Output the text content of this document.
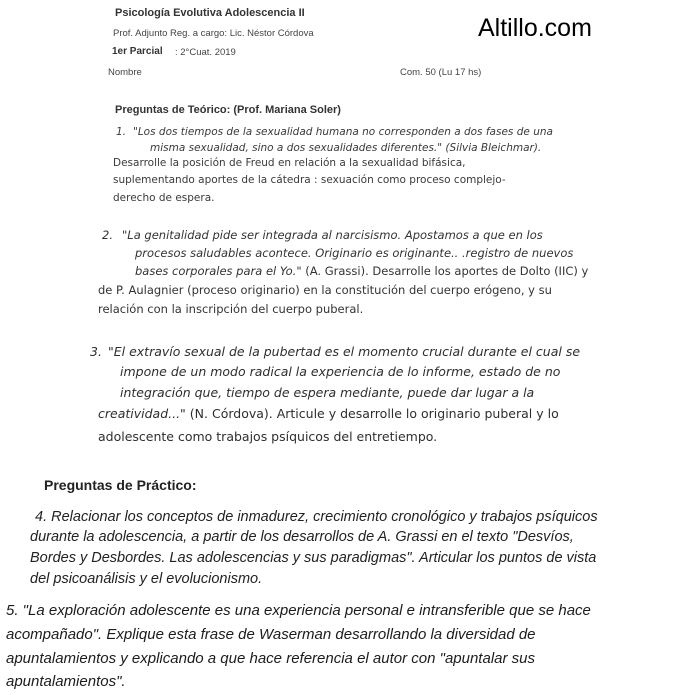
Altillo.com
Psicología Evolutiva Adolescencia II
Prof. Adjunto Reg. a cargo: Lic. Néstor Córdova
1er Parcial : 2°Cuat. 2019
Nombre	Com. 50 (Lu 17 hs)
Preguntas de Teórico: (Prof. Mariana Soler)
1. "Los dos tiempos de la sexualidad humana no corresponden a dos fases de una
misma sexualidad, sino a dos sexualidades diferentes." (Silvia Bleichmar).
Desarrolle la posición de Freud en relación a la sexualidad bifásica,
suplementando aportes de la cátedra : sexuación como proceso complejo-
derecho de espera.
2. "La genitalidad pide ser integrada al narcisismo. Apostamos a que en los
procesos saludables acontece. Originario es originante.. .registro de nuevos
bases corporales para el Yo." (A. Grassi). Desarrolle los aportes de Dolto (IIC) y
de P. Aulagnier (proceso originario) en la constitución del cuerpo erógeno, y su
relación con la inscripción del cuerpo puberal.
3. "El extravío sexual de la pubertad es el momento crucial durante el cual se
impone de un modo radical la experiencia de lo informe, estado de no
integración que, tiempo de espera mediante, puede dar lugar a la
creatividad..." (N. Córdova). Articule y desarrolle lo originario puberal y lo
adolescente como trabajos psíquicos del entretiempo.
Preguntas de Práctico:
4. Relacionar los conceptos de inmadurez, crecimiento cronológico y trabajos psíquicos
durante la adolescencia, a partir de los desarrollos de A. Grassi en el texto "Desvíos,
Bordes y Desbordes. Las adolescencias y sus paradigmas". Articular los puntos de vista
del psicoanálisis y el evolucionismo.
5. "La exploración adolescente es una experiencia personal e intransferible que se hace
acompañado". Explique esta frase de Waserman desarrollando la diversidad de
apuntalamientos y explicando a que hace referencia el autor con "apuntalar sus
apuntalamientos".
